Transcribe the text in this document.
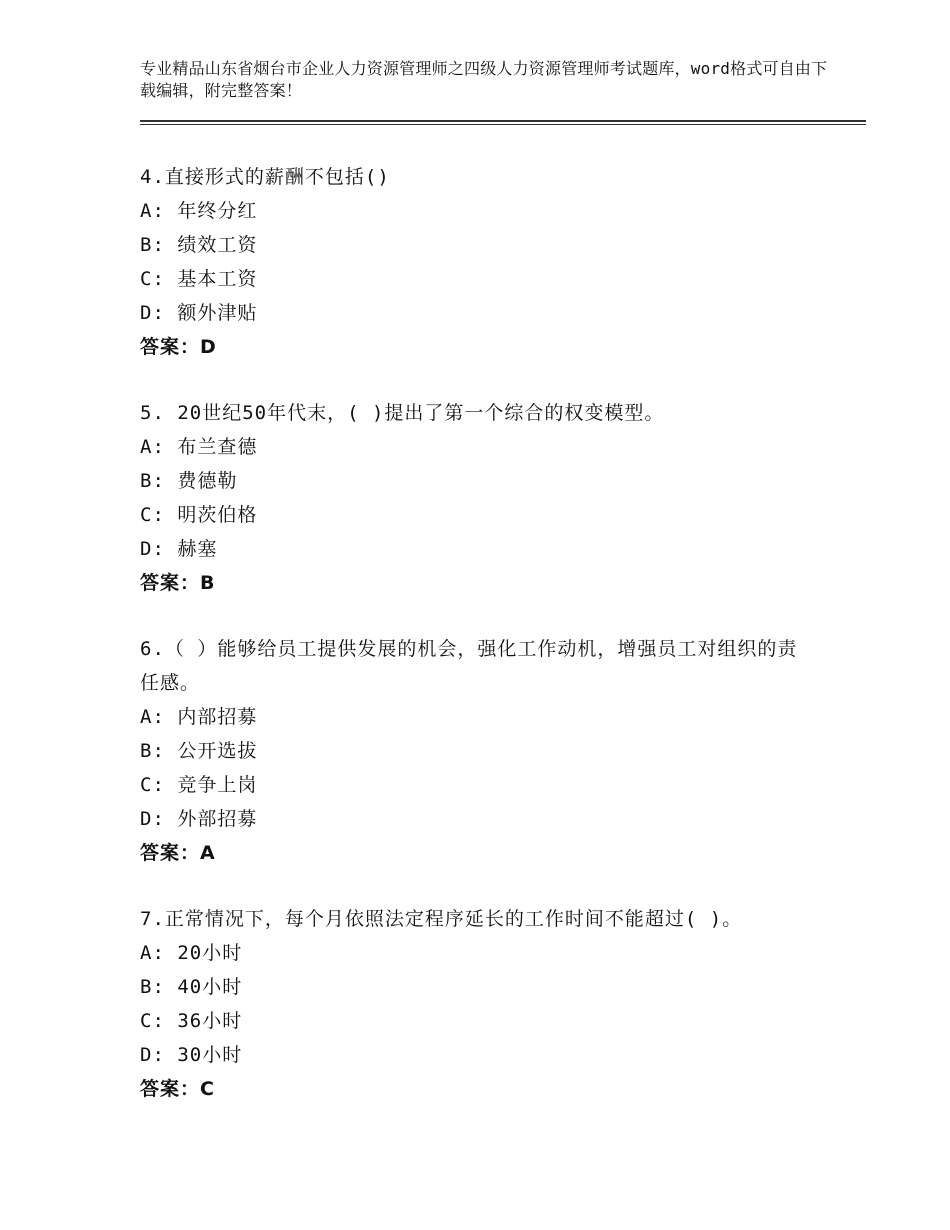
专业精品山东省烟台市企业人力资源管理师之四级人力资源管理师考试题库，word格式可自由下载编辑，附完整答案！

4.直接形式的薪酬不包括()

A: 年终分红

B: 绩效工资

C: 基本工资

D: 额外津贴

答案：D

5. 20世纪50年代末，( )提出了第一个综合的权变模型。

A: 布兰查德

B: 费德勒

C: 明茨伯格

D: 赫塞

答案：B

6.（ ）能够给员工提供发展的机会，强化工作动机，增强员工对组织的责任感。

A: 内部招募

B: 公开选拔

C: 竞争上岗

D: 外部招募

答案：A

7.正常情况下，每个月依照法定程序延长的工作时间不能超过( )。

A: 20小时

B: 40小时

C: 36小时

D: 30小时

答案：C
